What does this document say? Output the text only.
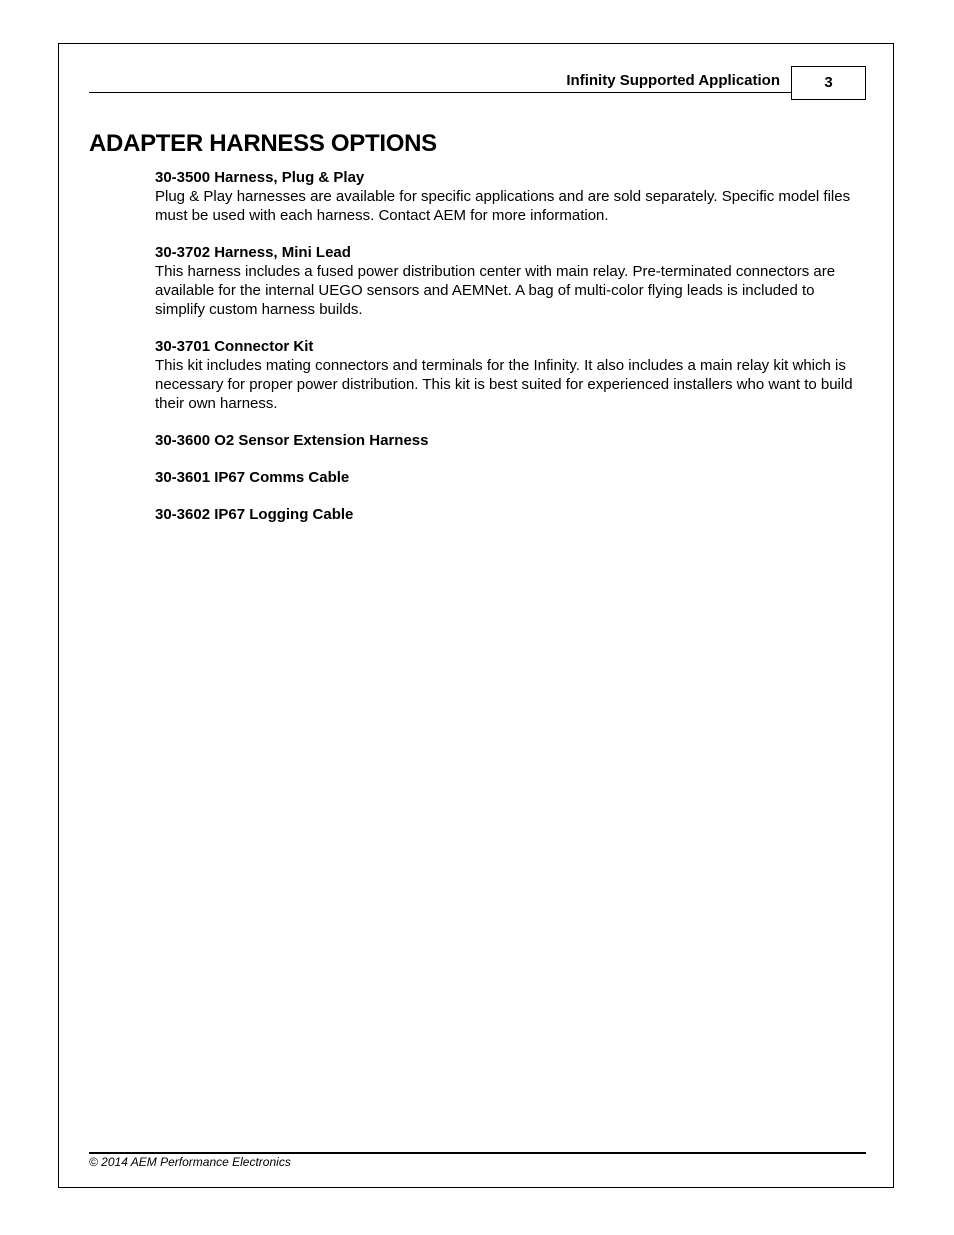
Infinity Supported Application	3
ADAPTER HARNESS OPTIONS

30-3500 Harness, Plug & Play

Plug & Play harnesses are available for specific applications and are sold separately. Specific model files must be used with each harness. Contact AEM for more information.

30-3702 Harness, Mini Lead

This harness includes a fused power distribution center with main relay. Pre-terminated connectors are available for the internal UEGO sensors and AEMNet. A bag of multi-color flying leads is included to simplify custom harness builds.

30-3701 Connector Kit

This kit includes mating connectors and terminals for the Infinity. It also includes a main relay kit which is necessary for proper power distribution. This kit is best suited for experienced installers who want to build their own harness.

30-3600 O2 Sensor Extension Harness

30-3601 IP67 Comms Cable

30-3602 IP67 Logging Cable

© 2014 AEM Performance Electronics
